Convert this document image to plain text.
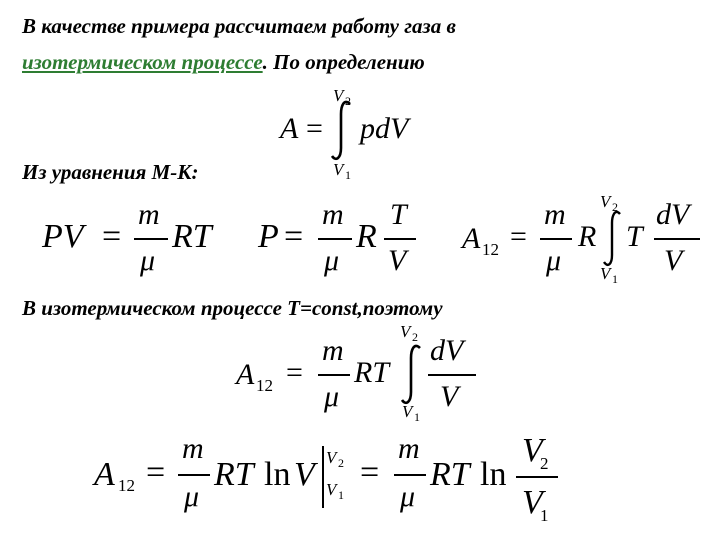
В качестве примера рассчитаем работу газа в

изотермическом процессе. По определению

Из уравнения М-К:

В изотермическом процессе T=const,поэтому

A =
V 2
V 1
pdV
PV =
m
μ
RT P =
m
μ
R
T
V
A 12 =
m
μ
R
V 2
V 1
T
dV
V
A 12 =
m
μ
RT
V 2
V 1
dV
V
A 12 =
m
μ
RT ln V V 2
V 1
=
m
μ
RT ln
V
2
V
1
